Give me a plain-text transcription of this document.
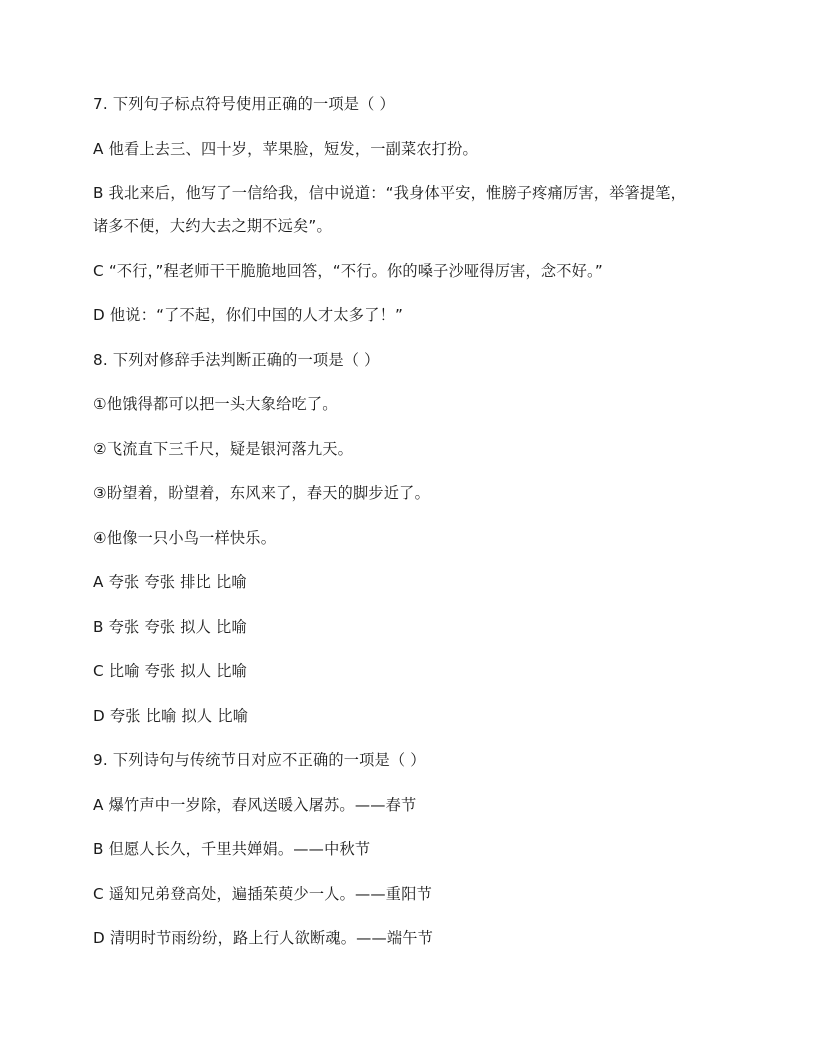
7. 下列句子标点符号使用正确的一项是（ ）
A 他看上去三、四十岁，苹果脸，短发，一副菜农打扮。
B 我北来后，他写了一信给我，信中说道：“我身体平安，惟膀子疼痛厉害，举箸提笔，
诸多不便，大约大去之期不远矣”。
C “不行，”程老师干干脆脆地回答，“不行。你的嗓子沙哑得厉害，念不好。”
D 他说：“了不起，你们中国的人才太多了！”
8. 下列对修辞手法判断正确的一项是（ ）
①他饿得都可以把一头大象给吃了。
②飞流直下三千尺，疑是银河落九天。
③盼望着，盼望着，东风来了，春天的脚步近了。
④他像一只小鸟一样快乐。
A 夸张 夸张 排比 比喻
B 夸张 夸张 拟人 比喻
C 比喻 夸张 拟人 比喻
D 夸张 比喻 拟人 比喻
9. 下列诗句与传统节日对应不正确的一项是（ ）
A 爆竹声中一岁除，春风送暖入屠苏。——春节
B 但愿人长久，千里共婵娟。——中秋节
C 遥知兄弟登高处，遍插茱萸少一人。——重阳节
D 清明时节雨纷纷，路上行人欲断魂。——端午节
